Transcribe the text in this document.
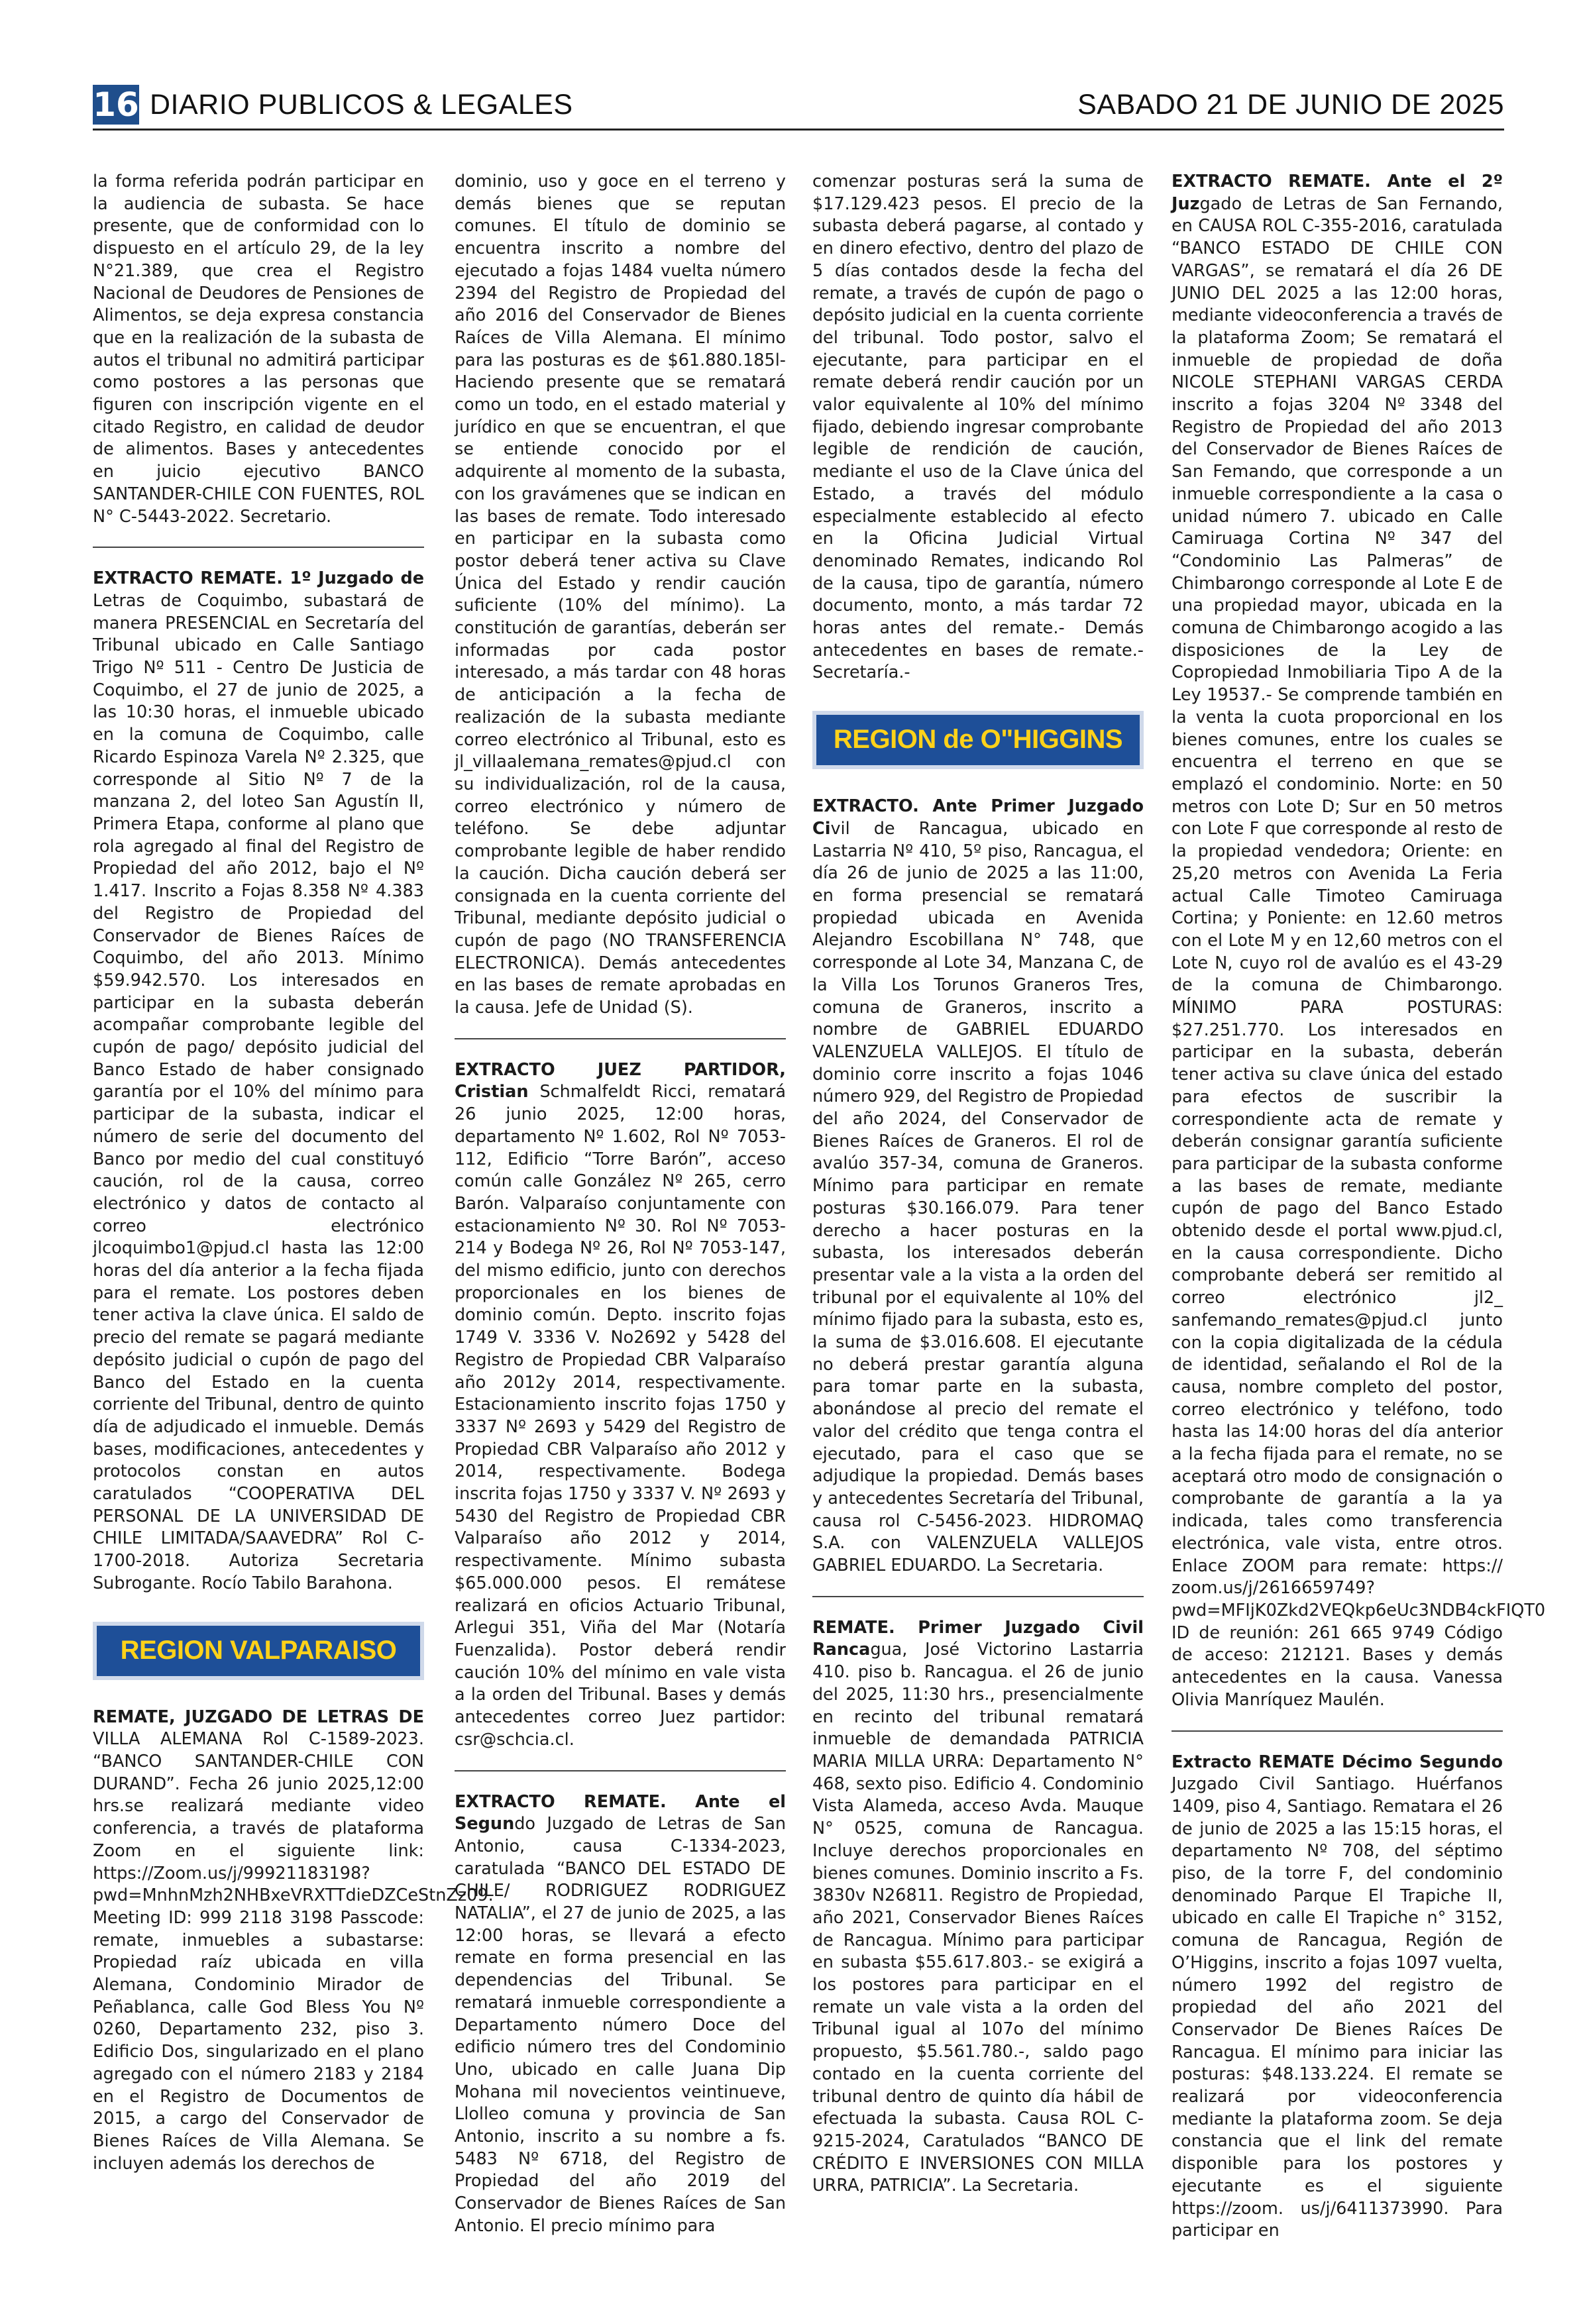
16 DIARIO PUBLICOS & LEGALES	SABADO 21 DE JUNIO DE 2025

la forma referida podrán participar en la audiencia de subasta. Se hace presente, que de conformidad con lo dispuesto en el artículo 29, de la ley N°21.389, que crea el Registro Nacional de Deudores de Pensiones de Alimentos, se deja expresa constancia que en la realización de la subasta de autos el tribunal no admitirá participar como postores a las personas que figuren con inscripción vigente en el citado Registro, en calidad de deudor de alimentos. Bases y antecedentes en juicio ejecutivo BANCO SANTANDER-CHILE CON FUENTES, ROL N° C-5443-2022. Secretario.

EXTRACTO REMATE. 1º Juzgado de Letras de Coquimbo, subastará de manera PRESENCIAL en Secretaría del Tribunal ubicado en Calle Santiago Trigo Nº 511 - Centro De Justicia de Coquimbo, el 27 de junio de 2025, a las 10:30 horas, el inmueble ubicado en la comuna de Coquimbo, calle Ricardo Espinoza Varela Nº 2.325, que corresponde al Sitio Nº 7 de la manzana 2, del loteo San Agustín II, Primera Etapa, conforme al plano que rola agregado al final del Registro de Propiedad del año 2012, bajo el Nº 1.417. Inscrito a Fojas 8.358 Nº 4.383 del Registro de Propiedad del Conservador de Bienes Raíces de Coquimbo, del año 2013. Mínimo $59.942.570. Los interesados en participar en la subasta deberán acompañar comprobante legible del cupón de pago/ depósito judicial del Banco Estado de haber consignado garantía por el 10% del mínimo para participar de la subasta, indicar el número de serie del documento del Banco por medio del cual constituyó caución, rol de la causa, correo electrónico y datos de contacto al correo electrónico jlcoquimbo1@pjud.cl hasta las 12:00 horas del día anterior a la fecha fijada para el remate. Los postores deben tener activa la clave única. El saldo de precio del remate se pagará mediante depósito judicial o cupón de pago del Banco del Estado en la cuenta corriente del Tribunal, dentro de quinto día de adjudicado el inmueble. Demás bases, modificaciones, antecedentes y protocolos constan en autos caratulados “COOPERATIVA DEL PERSONAL DE LA UNIVERSIDAD DE CHILE LIMITADA/SAAVEDRA” Rol C-1700-2018. Autoriza Secretaria Subrogante. Rocío Tabilo Barahona.

REGION VALPARAISO

REMATE, JUZGADO DE LETRAS DE VILLA ALEMANA Rol C-1589-2023. “BANCO SANTANDER-CHILE CON DURAND”. Fecha 26 junio 2025,12:00 hrs.se realizará mediante video conferencia, a través de plataforma Zoom en el siguiente link: https://Zoom.us/j/99921183198?pwd=MnhnMzh2NHBxeVRXTTdieDZCeStnZz09. Meeting ID: 999 2118 3198 Passcode: remate, inmuebles a subastarse: Propiedad raíz ubicada en villa Alemana, Condominio Mirador de Peñablanca, calle God Bless You Nº 0260, Departamento 232, piso 3. Edificio Dos, singularizado en el plano agregado con el número 2183 y 2184 en el Registro de Documentos de 2015, a cargo del Conservador de Bienes Raíces de Villa Alemana. Se incluyen además los derechos de

dominio, uso y goce en el terreno y demás bienes que se reputan comunes. El título de dominio se encuentra inscrito a nombre del ejecutado a fojas 1484 vuelta número 2394 del Registro de Propiedad del año 2016 del Conservador de Bienes Raíces de Villa Alemana. El mínimo para las posturas es de $61.880.185l-Haciendo presente que se rematará como un todo, en el estado material y jurídico en que se encuentran, el que se entiende conocido por el adquirente al momento de la subasta, con los gravámenes que se indican en las bases de remate. Todo interesado en participar en la subasta como postor deberá tener activa su Clave Única del Estado y rendir caución suficiente (10% del mínimo). La constitución de garantías, deberán ser informadas por cada postor interesado, a más tardar con 48 horas de anticipación a la fecha de realización de la subasta mediante correo electrónico al Tribunal, esto es jl_villaalemana_remates@pjud.cl con su individualización, rol de la causa, correo electrónico y número de teléfono. Se debe adjuntar comprobante legible de haber rendido la caución. Dicha caución deberá ser consignada en la cuenta corriente del Tribunal, mediante depósito judicial o cupón de pago (NO TRANSFERENCIA ELECTRONICA). Demás antecedentes en las bases de remate aprobadas en la causa. Jefe de Unidad (S).

EXTRACTO JUEZ PARTIDOR, Cristian Schmalfeldt Ricci, rematará 26 junio 2025, 12:00 horas, departamento Nº 1.602, Rol Nº 7053-112, Edificio “Torre Barón”, acceso común calle González Nº 265, cerro Barón. Valparaíso conjuntamente con estacionamiento Nº 30. Rol Nº 7053-214 y Bodega Nº 26, Rol Nº 7053-147, del mismo edificio, junto con derechos proporcionales en los bienes de dominio común. Depto. inscrito fojas 1749 V. 3336 V. No2692 y 5428 del Registro de Propiedad CBR Valparaíso año 2012y 2014, respectivamente. Estacionamiento inscrito fojas 1750 y 3337 Nº 2693 y 5429 del Registro de Propiedad CBR Valparaíso año 2012 y 2014, respectivamente. Bodega inscrita fojas 1750 y 3337 V. Nº 2693 y 5430 del Registro de Propiedad CBR Valparaíso año 2012 y 2014, respectivamente. Mínimo subasta $65.000.000 pesos. El remátese realizará en oficios Actuario Tribunal, Arlegui 351, Viña del Mar (Notaría Fuenzalida). Postor deberá rendir caución 10% del mínimo en vale vista a la orden del Tribunal. Bases y demás antecedentes correo Juez partidor: csr@schcia.cl.

EXTRACTO REMATE. Ante el Segundo Juzgado de Letras de San Antonio, causa C-1334-2023, caratulada “BANCO DEL ESTADO DE CHILE/ RODRIGUEZ RODRIGUEZ NATALIA”, el 27 de junio de 2025, a las 12:00 horas, se llevará a efecto remate en forma presencial en las dependencias del Tribunal. Se rematará inmueble correspondiente a Departamento número Doce del edificio número tres del Condominio Uno, ubicado en calle Juana Dip Mohana mil novecientos veintinueve, Llolleo comuna y provincia de San Antonio, inscrito a su nombre a fs. 5483 Nº 6718, del Registro de Propiedad del año 2019 del Conservador de Bienes Raíces de San Antonio. El precio mínimo para

comenzar posturas será la suma de $17.129.423 pesos. El precio de la subasta deberá pagarse, al contado y en dinero efectivo, dentro del plazo de 5 días contados desde la fecha del remate, a través de cupón de pago o depósito judicial en la cuenta corriente del tribunal. Todo postor, salvo el ejecutante, para participar en el remate deberá rendir caución por un valor equivalente al 10% del mínimo fijado, debiendo ingresar comprobante legible de rendición de caución, mediante el uso de la Clave única del Estado, a través del módulo especialmente establecido al efecto en la Oficina Judicial Virtual denominado Remates, indicando Rol de la causa, tipo de garantía, número documento, monto, a más tardar 72 horas antes del remate.- Demás antecedentes en bases de remate.- Secretaría.-

REGION de O"HIGGINS

EXTRACTO. Ante Primer Juzgado Civil de Rancagua, ubicado en Lastarria Nº 410, 5º piso, Rancagua, el día 26 de junio de 2025 a las 11:00, en forma presencial se rematará propiedad ubicada en Avenida Alejandro Escobillana N° 748, que corresponde al Lote 34, Manzana C, de la Villa Los Torunos Graneros Tres, comuna de Graneros, inscrito a nombre de GABRIEL EDUARDO VALENZUELA VALLEJOS. El título de dominio corre inscrito a fojas 1046 número 929, del Registro de Propiedad del año 2024, del Conservador de Bienes Raíces de Graneros. El rol de avalúo 357-34, comuna de Graneros. Mínimo para participar en remate posturas $30.166.079. Para tener derecho a hacer posturas en la subasta, los interesados deberán presentar vale a la vista a la orden del tribunal por el equivalente al 10% del mínimo fijado para la subasta, esto es, la suma de $3.016.608. El ejecutante no deberá prestar garantía alguna para tomar parte en la subasta, abonándose al precio del remate el valor del crédito que tenga contra el ejecutado, para el caso que se adjudique la propiedad. Demás bases y antecedentes Secretaría del Tribunal, causa rol C-5456-2023. HIDROMAQ S.A. con VALENZUELA VALLEJOS GABRIEL EDUARDO. La Secretaria.

REMATE. Primer Juzgado Civil Rancagua, José Victorino Lastarria 410. piso b. Rancagua. el 26 de junio del 2025, 11:30 hrs., presencialmente en recinto del tribunal rematará inmueble de demandada PATRICIA MARIA MILLA URRA: Departamento N° 468, sexto piso. Edificio 4. Condominio Vista Alameda, acceso Avda. Mauque N° 0525, comuna de Rancagua. Incluye derechos proporcionales en bienes comunes. Dominio inscrito a Fs. 3830v N26811. Registro de Propiedad, año 2021, Conservador Bienes Raíces de Rancagua. Mínimo para participar en subasta $55.617.803.- se exigirá a los postores para participar en el remate un vale vista a la orden del Tribunal igual al 107o del mínimo propuesto, $5.561.780.-, saldo pago contado en la cuenta corriente del tribunal dentro de quinto día hábil de efectuada la subasta. Causa ROL C-9215-2024, Caratulados “BANCO DE CRÉDITO E INVERSIONES CON MILLA URRA, PATRICIA”. La Secretaria.

EXTRACTO REMATE. Ante el 2º Juzgado de Letras de San Fernando, en CAUSA ROL C-355-2016, caratulada “BANCO ESTADO DE CHILE CON VARGAS”, se rematará el día 26 DE JUNIO DEL 2025 a las 12:00 horas, mediante videoconferencia a través de la plataforma Zoom; Se rematará el inmueble de propiedad de doña NICOLE STEPHANI VARGAS CERDA inscrito a fojas 3204 Nº 3348 del Registro de Propiedad del año 2013 del Conservador de Bienes Raíces de San Femando, que corresponde a un inmueble correspondiente a la casa o unidad número 7. ubicado en Calle Camiruaga Cortina Nº 347 del “Condominio Las Palmeras” de Chimbarongo corresponde al Lote E de una propiedad mayor, ubicada en la comuna de Chimbarongo acogido a las disposiciones de la Ley de Copropiedad Inmobiliaria Tipo A de la Ley 19537.- Se comprende también en la venta la cuota proporcional en los bienes comunes, entre los cuales se encuentra el terreno en que se emplazó el condominio. Norte: en 50 metros con Lote D; Sur en 50 metros con Lote F que corresponde al resto de la propiedad vendedora; Oriente: en 25,20 metros con Avenida La Feria actual Calle Timoteo Camiruaga Cortina; y Poniente: en 12.60 metros con el Lote M y en 12,60 metros con el Lote N, cuyo rol de avalúo es el 43-29 de la comuna de Chimbarongo. MÍNIMO PARA POSTURAS: $27.251.770. Los interesados en participar en la subasta, deberán tener activa su clave única del estado para efectos de suscribir la correspondiente acta de remate y deberán consignar garantía suficiente para participar de la subasta conforme a las bases de remate, mediante cupón de pago del Banco Estado obtenido desde el portal www.pjud.cl, en la causa correspondiente. Dicho comprobante deberá ser remitido al correo electrónico jl2_ sanfemando_remates@pjud.cl junto con la copia digitalizada de la cédula de identidad, señalando el Rol de la causa, nombre completo del postor, correo electrónico y teléfono, todo hasta las 14:00 horas del día anterior a la fecha fijada para el remate, no se aceptará otro modo de consignación o comprobante de garantía a la ya indicada, tales como transferencia electrónica, vale vista, entre otros. Enlace ZOOM para remate: https:// zoom.us/j/2616659749?pwd=MFIjK0Zkd2VEQkp6eUc3NDB4ckFIQT0 ID de reunión: 261 665 9749 Código de acceso: 212121. Bases y demás antecedentes en la causa. Vanessa Olivia Manríquez Maulén.

Extracto REMATE Décimo Segundo Juzgado Civil Santiago. Huérfanos 1409, piso 4, Santiago. Rematara el 26 de junio de 2025 a las 15:15 horas, el departamento Nº 708, del séptimo piso, de la torre F, del condominio denominado Parque El Trapiche II, ubicado en calle El Trapiche n° 3152, comuna de Rancagua, Región de O’Higgins, inscrito a fojas 1097 vuelta, número 1992 del registro de propiedad del año 2021 del Conservador De Bienes Raíces De Rancagua. El mínimo para iniciar las posturas: $48.133.224. El remate se realizará por videoconferencia mediante la plataforma zoom. Se deja constancia que el link del remate disponible para los postores y ejecutante es el siguiente https://zoom. us/j/6411373990. Para participar en
